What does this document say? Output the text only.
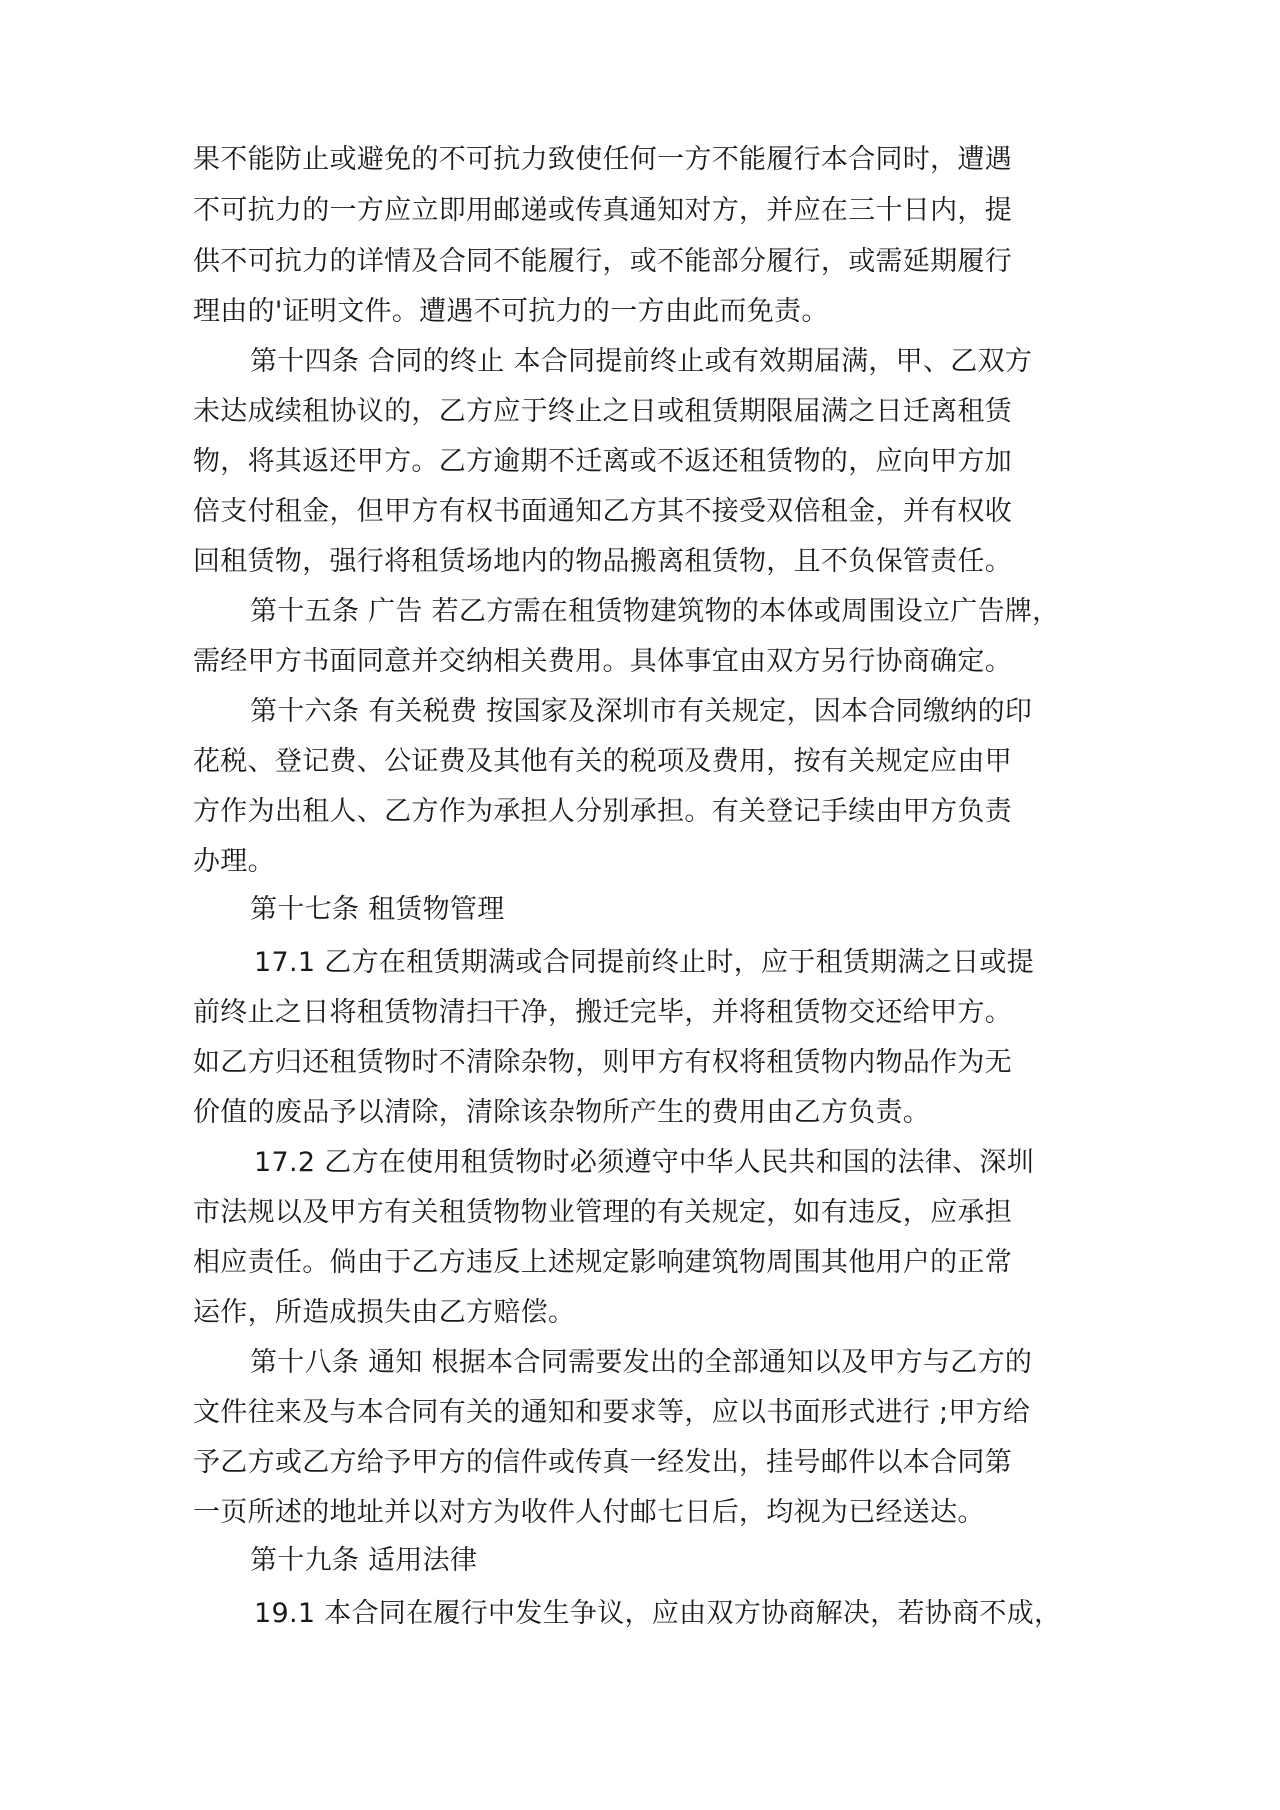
果不能防止或避免的不可抗力致使任何一方不能履行本合同时，遭遇
不可抗力的一方应立即用邮递或传真通知对方，并应在三十日内，提
供不可抗力的详情及合同不能履行，或不能部分履行，或需延期履行
理由的'证明文件。遭遇不可抗力的一方由此而免责。
第十四条 合同的终止 本合同提前终止或有效期届满，甲、乙双方
未达成续租协议的，乙方应于终止之日或租赁期限届满之日迁离租赁
物，将其返还甲方。乙方逾期不迁离或不返还租赁物的，应向甲方加
倍支付租金，但甲方有权书面通知乙方其不接受双倍租金，并有权收
回租赁物，强行将租赁场地内的物品搬离租赁物，且不负保管责任。
第十五条 广告 若乙方需在租赁物建筑物的本体或周围设立广告牌，
需经甲方书面同意并交纳相关费用。具体事宜由双方另行协商确定。
第十六条 有关税费 按国家及深圳市有关规定，因本合同缴纳的印
花税、登记费、公证费及其他有关的税项及费用，按有关规定应由甲
方作为出租人、乙方作为承担人分别承担。有关登记手续由甲方负责
办理。
第十七条 租赁物管理
17.1 乙方在租赁期满或合同提前终止时，应于租赁期满之日或提
前终止之日将租赁物清扫干净，搬迁完毕，并将租赁物交还给甲方。
如乙方归还租赁物时不清除杂物，则甲方有权将租赁物内物品作为无
价值的废品予以清除，清除该杂物所产生的费用由乙方负责。
17.2 乙方在使用租赁物时必须遵守中华人民共和国的法律、深圳
市法规以及甲方有关租赁物物业管理的有关规定，如有违反，应承担
相应责任。倘由于乙方违反上述规定影响建筑物周围其他用户的正常
运作，所造成损失由乙方赔偿。
第十八条 通知 根据本合同需要发出的全部通知以及甲方与乙方的
文件往来及与本合同有关的通知和要求等，应以书面形式进行 ;甲方给
予乙方或乙方给予甲方的信件或传真一经发出，挂号邮件以本合同第
一页所述的地址并以对方为收件人付邮七日后，均视为已经送达。
第十九条 适用法律
19.1 本合同在履行中发生争议，应由双方协商解决，若协商不成，
